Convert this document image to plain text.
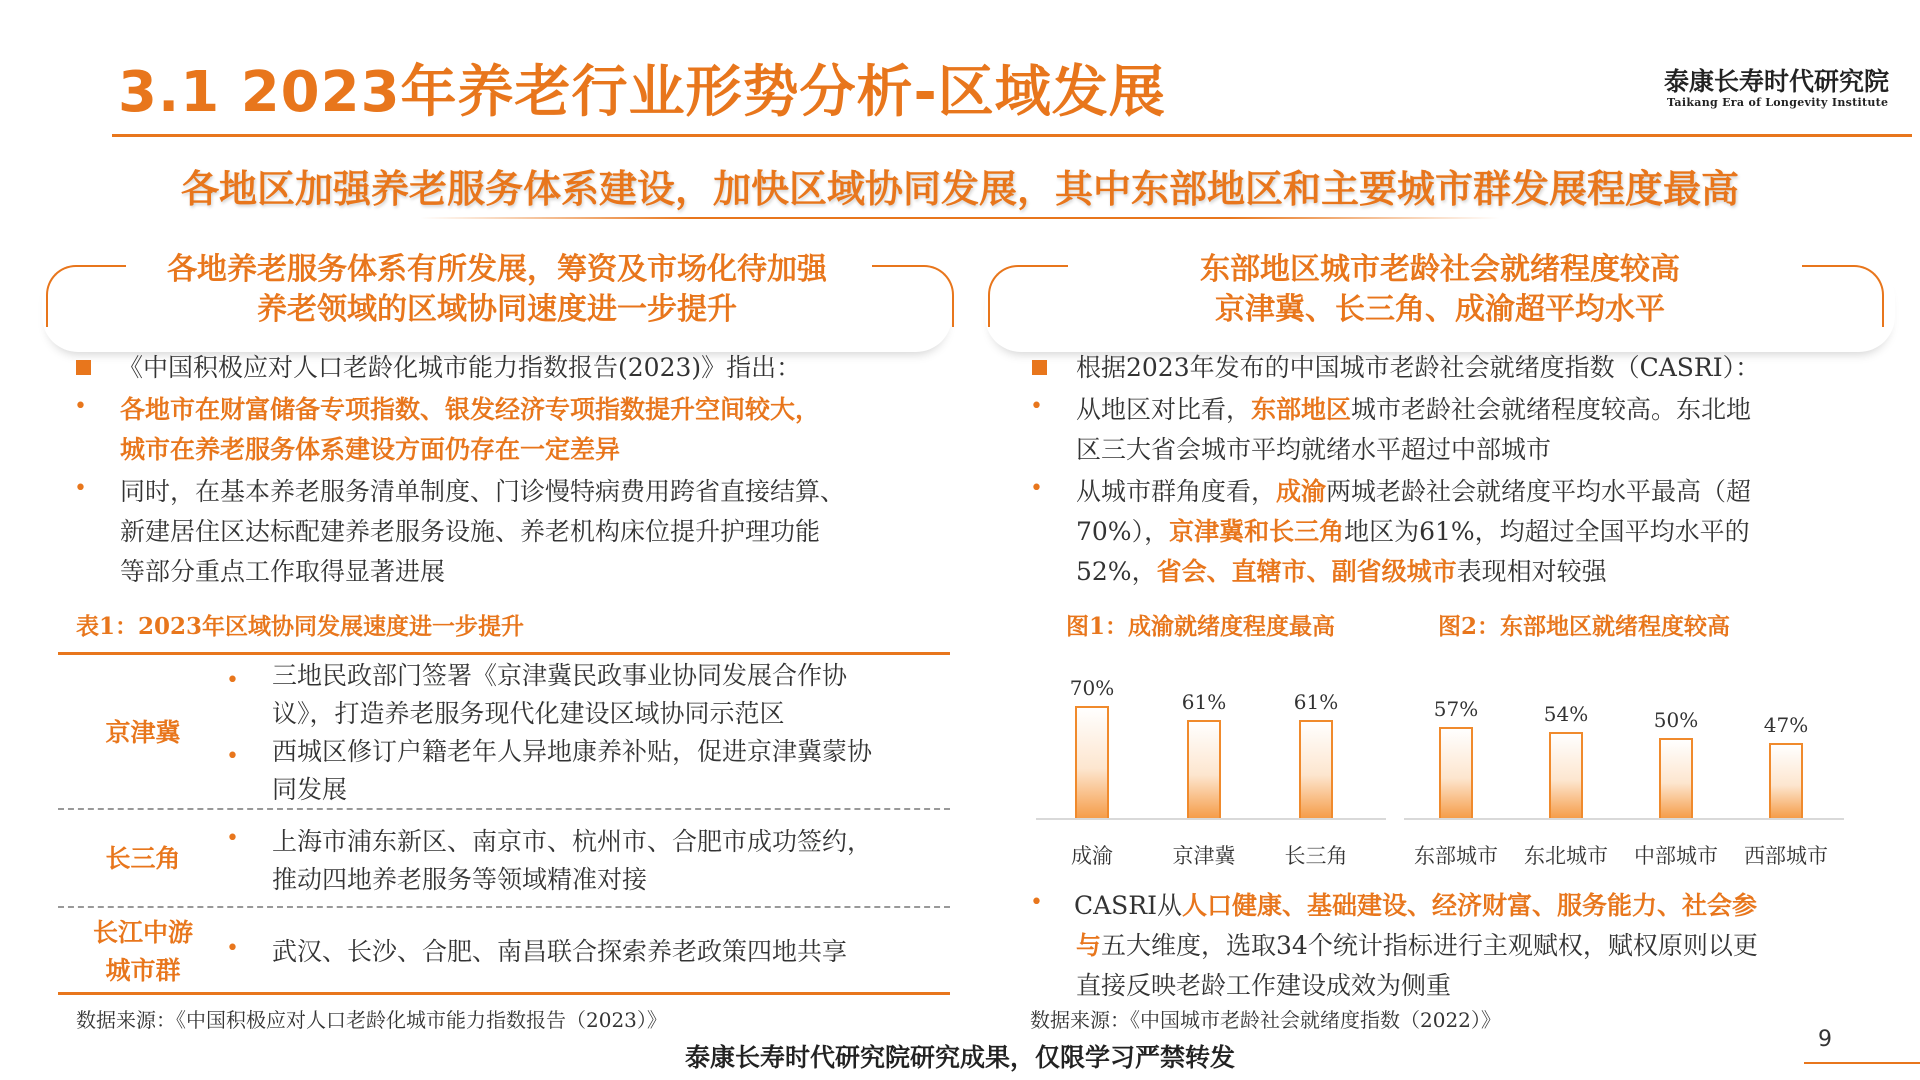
3.1 2023年养老行业形势分析-区域发展	泰康长寿时代研究院
Taikang Era of Longevity Institute
各地区加强养老服务体系建设，加快区域协同发展，其中东部地区和主要城市群发展程度最高
各地养老服务体系有所发展，筹资及市场化待加强
养老领域的区域协同速度进一步提升
东部地区城市老龄社会就绪程度较高
京津冀、长三角、成渝超平均水平
《中国积极应对人口老龄化城市能力指数报告(2023)》指出：
• 各地市在财富储备专项指数、银发经济专项指数提升空间较大，
城市在养老服务体系建设方面仍存在一定差异
• 同时，在基本养老服务清单制度、门诊慢特病费用跨省直接结算、
新建居住区达标配建养老服务设施、养老机构床位提升护理功能
等部分重点工作取得显著进展
表1：2023年区域协同发展速度进一步提升
京津冀
• 三地民政部门签署《京津冀民政事业协同发展合作协
议》，打造养老服务现代化建设区域协同示范区
• 西城区修订户籍老年人异地康养补贴，促进京津冀蒙协
同发展
长三角
• 上海市浦东新区、南京市、杭州市、合肥市成功签约，
推动四地养老服务等领域精准对接
长江中游
城市群
• 武汉、长沙、合肥、南昌联合探索养老政策四地共享
数据来源：《中国积极应对人口老龄化城市能力指数报告（2023）》
根据2023年发布的中国城市老龄社会就绪度指数（CASRI）：
• 从地区对比看，东部地区城市老龄社会就绪程度较高。东北地
区三大省会城市平均就绪水平超过中部城市
• 从城市群角度看，成渝两城老龄社会就绪度平均水平最高（超
70%），京津冀和长三角地区为61%，均超过全国平均水平的
52%，省会、直辖市、副省级城市表现相对较强
图1：成渝就绪度程度最高	图2：东部地区就绪程度较高
70%
成渝
61%
京津冀
61%
长三角
57%
东部城市
54%
东北城市
50%
中部城市
47%
西部城市
• CASRI从人口健康、基础建设、经济财富、服务能力、社会参
与五大维度，选取34个统计指标进行主观赋权，赋权原则以更
直接反映老龄工作建设成效为侧重
数据来源：《中国城市老龄社会就绪度指数（2022）》
泰康长寿时代研究院研究成果，仅限学习严禁转发
9
